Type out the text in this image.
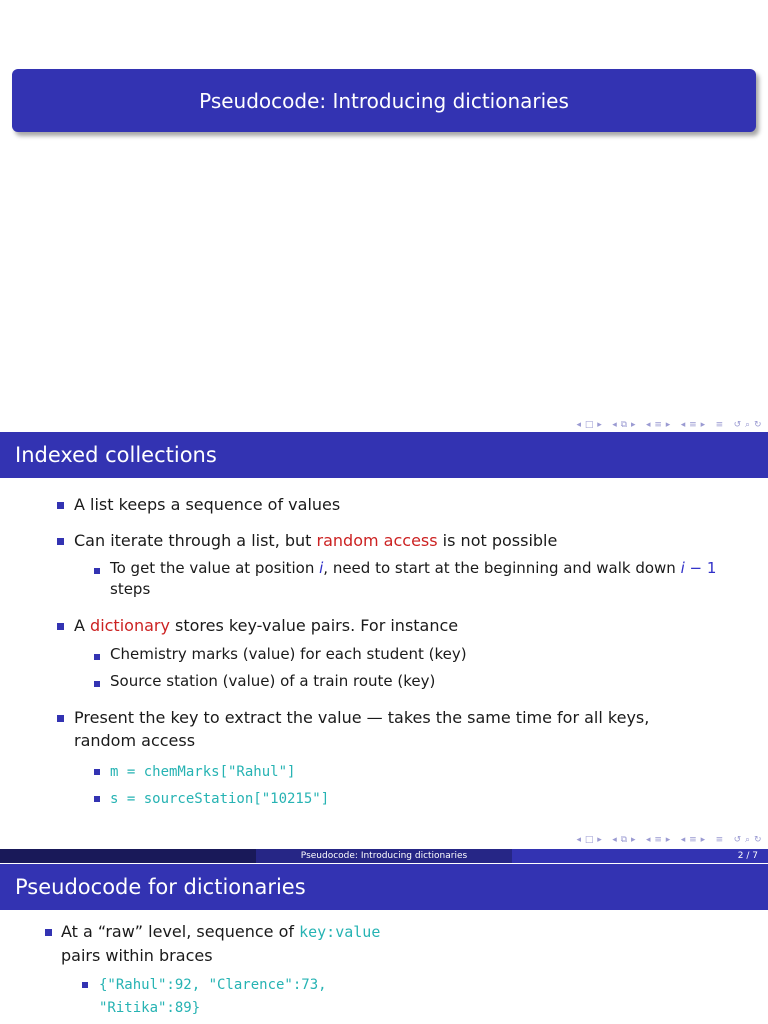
Pseudocode: Introducing dictionaries
◂ □ ▸ ◂ ⧉ ▸ ◂ ≡ ▸ ◂ ≡ ▸ ≡ ↺ ⌕ ↻
Indexed collections
A list keeps a sequence of values
Can iterate through a list, but random access is not possible
To get the value at position i, need to start at the beginning and walk down i − 1
steps
A dictionary stores key-value pairs. For instance
Chemistry marks (value) for each student (key)
Source station (value) of a train route (key)
Present the key to extract the value — takes the same time for all keys,
random access
m = chemMarks["Rahul"]
s = sourceStation["10215"]
◂ □ ▸ ◂ ⧉ ▸ ◂ ≡ ▸ ◂ ≡ ▸ ≡ ↺ ⌕ ↻
Pseudocode: Introducing dictionaries	2 / 7
Pseudocode for dictionaries
At a “raw” level, sequence of key:value
pairs within braces
{"Rahul":92, "Clarence":73,
"Ritika":89}
